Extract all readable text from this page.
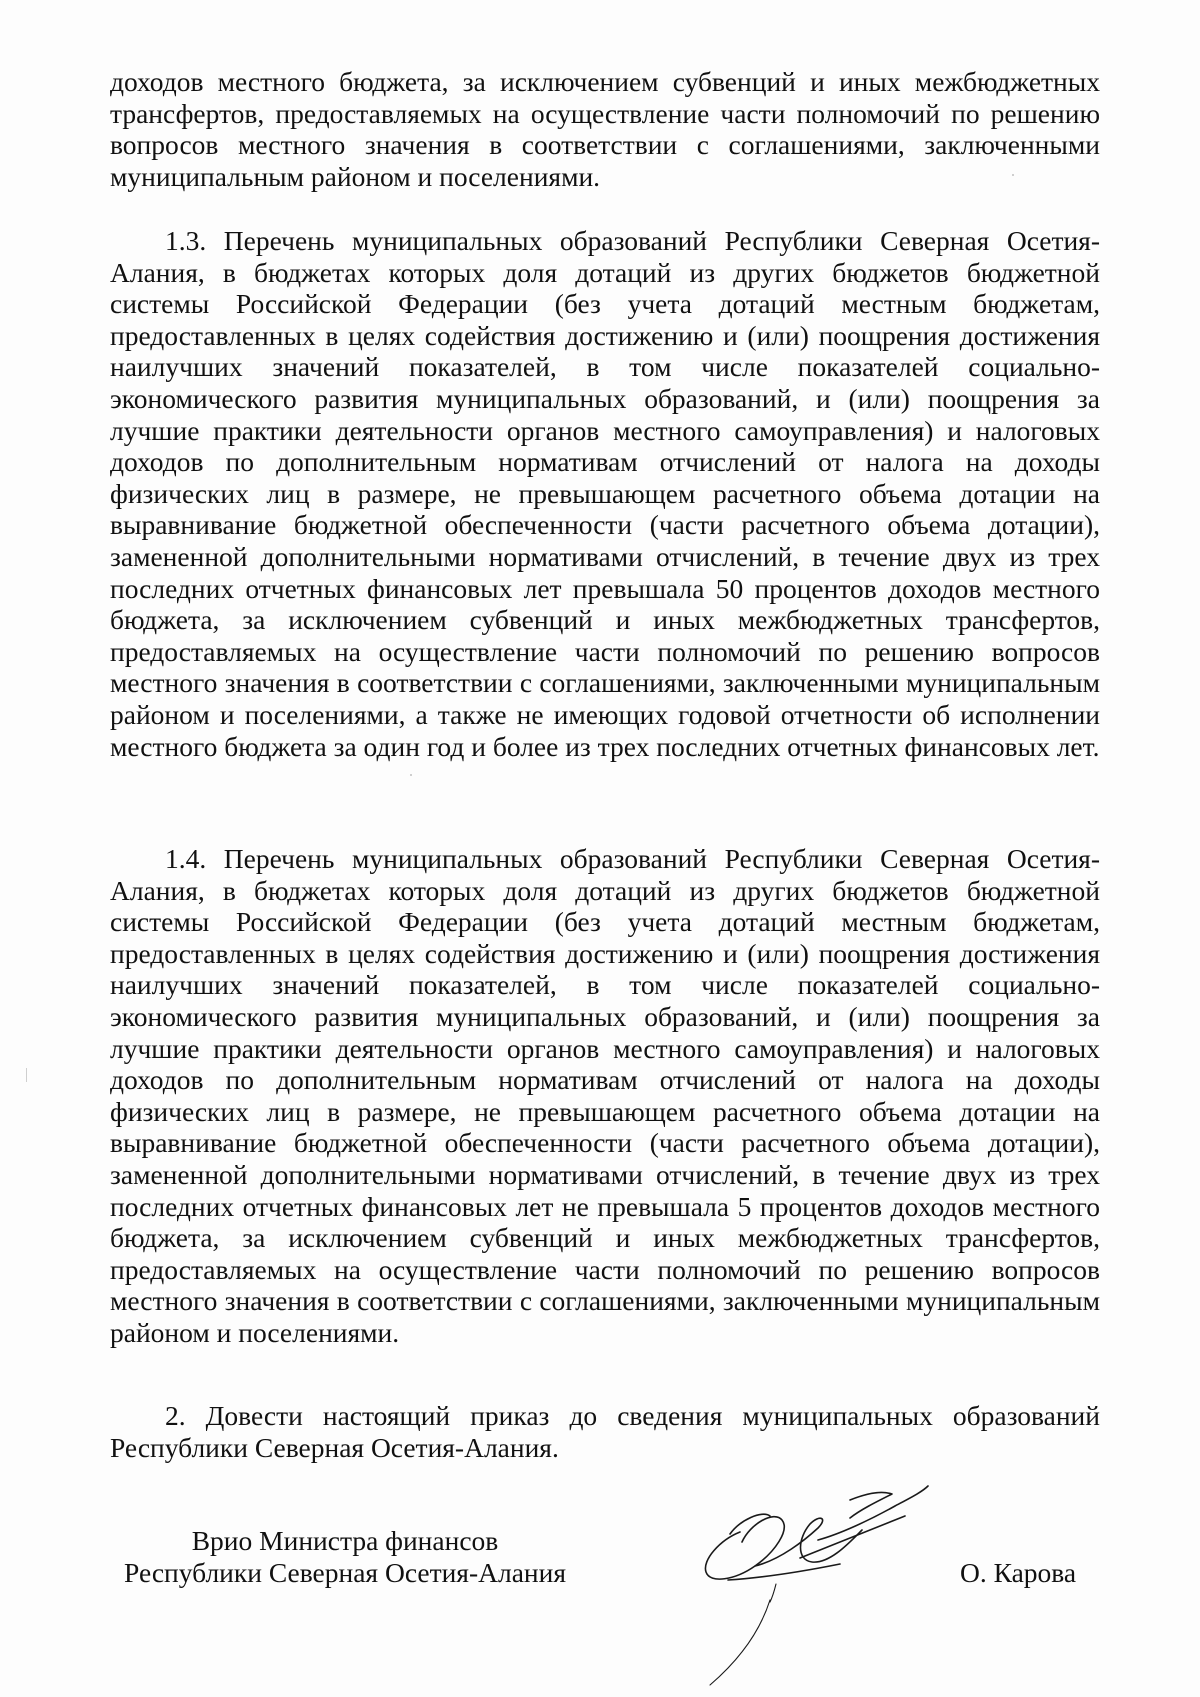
доходов местного бюджета, за исключением субвенций и иных межбюджетных трансфертов, предоставляемых на осуществление части полномочий по решению вопросов местного значения в соответствии с соглашениями, заключенными муниципальным районом и поселениями.

1.3. Перечень муниципальных образований Республики Северная Осетия-Алания, в бюджетах которых доля дотаций из других бюджетов бюджетной системы Российской Федерации (без учета дотаций местным бюджетам, предоставленных в целях содействия достижению и (или) поощрения достижения наилучших значений показателей, в том числе показателей социально-экономического развития муниципальных образований, и (или) поощрения за лучшие практики деятельности органов местного самоуправления) и налоговых доходов по дополнительным нормативам отчислений от налога на доходы физических лиц в размере, не превышающем расчетного объема дотации на выравнивание бюджетной обеспеченности (части расчетного объема дотации), замененной дополнительными нормативами отчислений, в течение двух из трех последних отчетных финансовых лет превышала 50 процентов доходов местного бюджета, за исключением субвенций и иных межбюджетных трансфертов, предоставляемых на осуществление части полномочий по решению вопросов местного значения в соответствии с соглашениями, заключенными муниципальным районом и поселениями, а также не имеющих годовой отчетности об исполнении местного бюджета за один год и более из трех последних отчетных финансовых лет.

1.4. Перечень муниципальных образований Республики Северная Осетия-Алания, в бюджетах которых доля дотаций из других бюджетов бюджетной системы Российской Федерации (без учета дотаций местным бюджетам, предоставленных в целях содействия достижению и (или) поощрения достижения наилучших значений показателей, в том числе показателей социально-экономического развития муниципальных образований, и (или) поощрения за лучшие практики деятельности органов местного самоуправления) и налоговых доходов по дополнительным нормативам отчислений от налога на доходы физических лиц в размере, не превышающем расчетного объема дотации на выравнивание бюджетной обеспеченности (части расчетного объема дотации), замененной дополнительными нормативами отчислений, в течение двух из трех последних отчетных финансовых лет не превышала 5 процентов доходов местного бюджета, за исключением субвенций и иных межбюджетных трансфертов, предоставляемых на осуществление части полномочий по решению вопросов местного значения в соответствии с соглашениями, заключенными муниципальным районом и поселениями.

2. Довести настоящий приказ до сведения муниципальных образований Республики Северная Осетия-Алания.

Врио Министра финансов
Республики Северная Осетия-Алания	О. Карова
